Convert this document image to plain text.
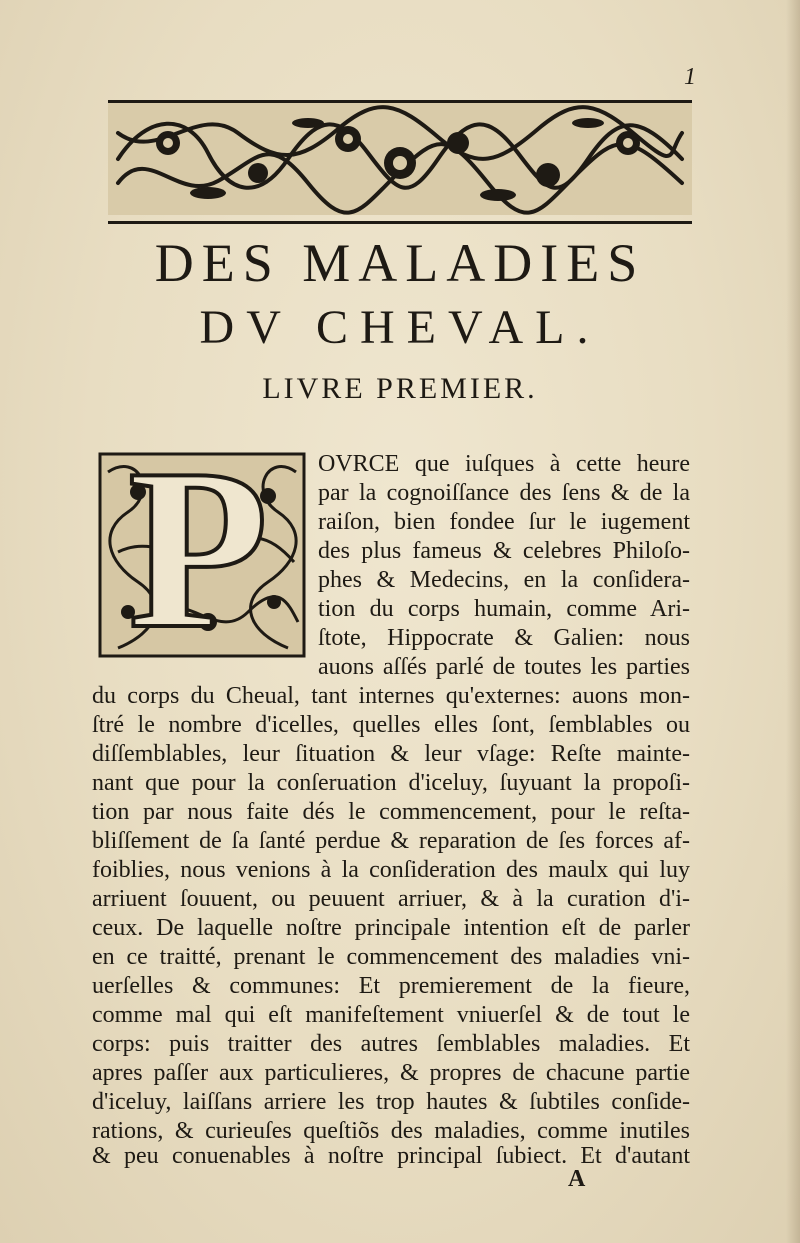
1
DES MALADIES
DV CHEVAL.
LIVRE PREMIER.
P OVRCE que iuſques à cette heure
par la cognoiſſance des ſens & de la
raiſon, bien fondee ſur le iugement
des plus fameus & celebres Philoſo-
phes & Medecins, en la conſidera-
tion du corps humain, comme Ari-
ſtote, Hippocrate & Galien: nous
auons aſſés parlé de toutes les parties
du corps du Cheual, tant internes qu'externes: auons mon-
ſtré le nombre d'icelles, quelles elles ſont, ſemblables ou
diſſemblables, leur ſituation & leur vſage: Reſte mainte-
nant que pour la conſeruation d'iceluy, ſuyuant la propoſi-
tion par nous faite dés le commencement, pour le reſta-
bliſſement de ſa ſanté perdue & reparation de ſes forces af-
foiblies, nous venions à la conſideration des maulx qui luy
arriuent ſouuent, ou peuuent arriuer, & à la curation d'i-
ceux. De laquelle noſtre principale intention eſt de parler
en ce traitté, prenant le commencement des maladies vni-
uerſelles & communes: Et premierement de la fieure,
comme mal qui eſt manifeſtement vniuerſel & de tout le
corps: puis traitter des autres ſemblables maladies. Et
apres paſſer aux particulieres, & propres de chacune partie
d'iceluy, laiſſans arriere les trop hautes & ſubtiles conſide-
rations, & curieuſes queſtiõs des maladies, comme inutiles
& peu conuenables à noſtre principal ſubiect. Et d'autant
A
